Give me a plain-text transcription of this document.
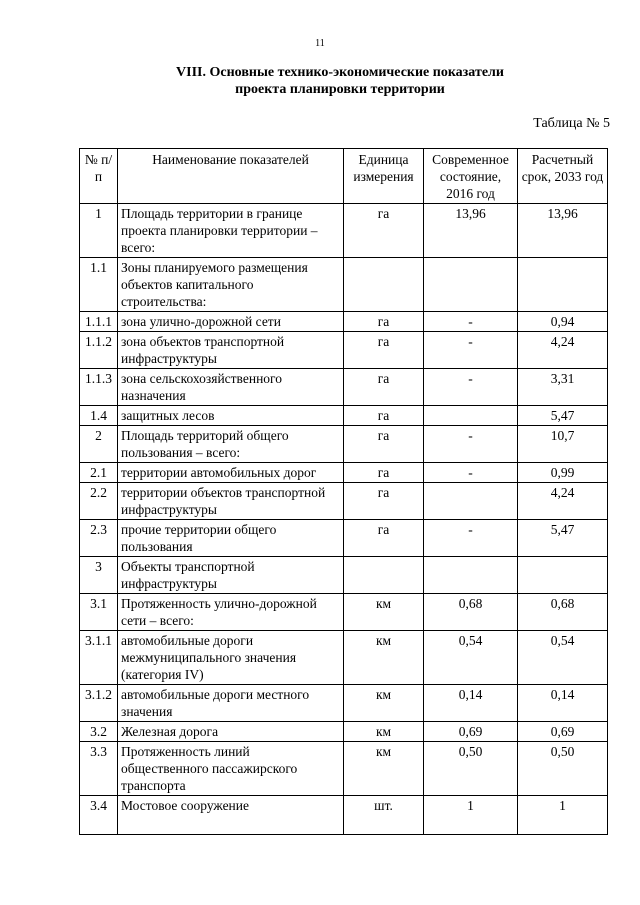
11
VIII. Основные технико-экономические показатели
проекта планировки территории
Таблица № 5
№ п/п	Наименование показателей	Единица измерения	Современное состояние, 2016 год	Расчетный срок, 2033 год
1	Площадь территории в границе проекта планировки территории – всего:	га	13,96	13,96
1.1	Зоны планируемого размещения объектов капитального строительства:			
1.1.1	зона улично-дорожной сети	га	-	0,94
1.1.2	зона объектов транспортной инфраструктуры	га	-	4,24
1.1.3	зона сельскохозяйственного назначения	га	-	3,31
1.4	защитных лесов	га		5,47
2	Площадь территорий общего пользования – всего:	га	-	10,7
2.1	территории автомобильных дорог	га	-	0,99
2.2	территории объектов транспортной инфраструктуры	га		4,24
2.3	прочие территории общего пользования	га	-	5,47
3	Объекты транспортной инфраструктуры			
3.1	Протяженность улично-дорожной сети – всего:	км	0,68	0,68
3.1.1	автомобильные дороги межмуниципального значения (категория IV)	км	0,54	0,54
3.1.2	автомобильные дороги местного значения	км	0,14	0,14
3.2	Железная дорога	км	0,69	0,69
3.3	Протяженность линий общественного пассажирского транспорта	км	0,50	0,50
3.4	Мостовое сооружение	шт.	1	1
